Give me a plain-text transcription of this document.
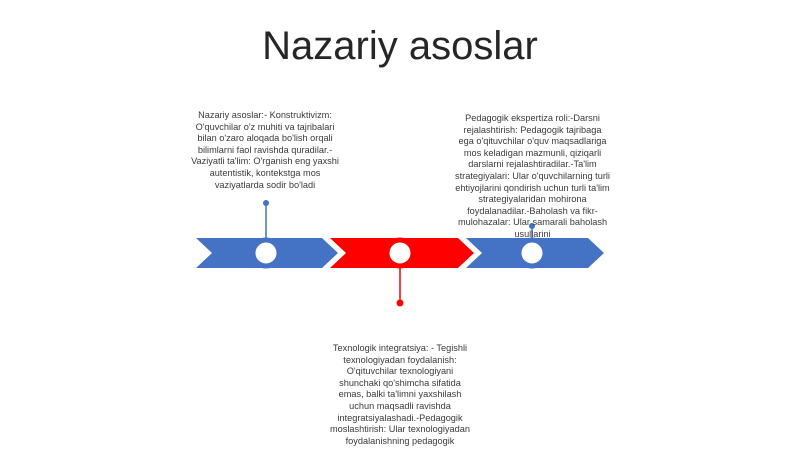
Nazariy asoslar
Nazariy asoslar:- Konstruktivizm: O'quvchilar o'z muhiti va tajribalari bilan o'zaro aloqada bo'lish orqali bilimlarni faol ravishda quradilar.- Vaziyatli ta'lim: O'rganish eng yaxshi autentistik, kontekstga mos vaziyatlarda sodir bo'ladi
Pedagogik ekspertiza roli:-Darsni rejalashtirish: Pedagogik tajribaga ega o'qituvchilar o'quv maqsadlariga mos keladigan mazmunli, qiziqarli darslarni rejalashtiradilar.-Ta'lim strategiyalari: Ular o'quvchilarning turli ehtiyojlarini qondirish uchun turli ta'lim strategiyalaridan mohirona foydalanadilar.-Baholash va fikr-mulohazalar: Ular samarali baholash usullarini
Texnologik integratsiya: - Tegishli texnologiyadan foydalanish: O'qituvchilar texnologiyani shunchaki qo'shimcha sifatida emas, balki ta'limni yaxshilash uchun maqsadli ravishda integratsiyalashadi.-Pedagogik moslashtirish: Ular texnologiyadan foydalanishning pedagogik
